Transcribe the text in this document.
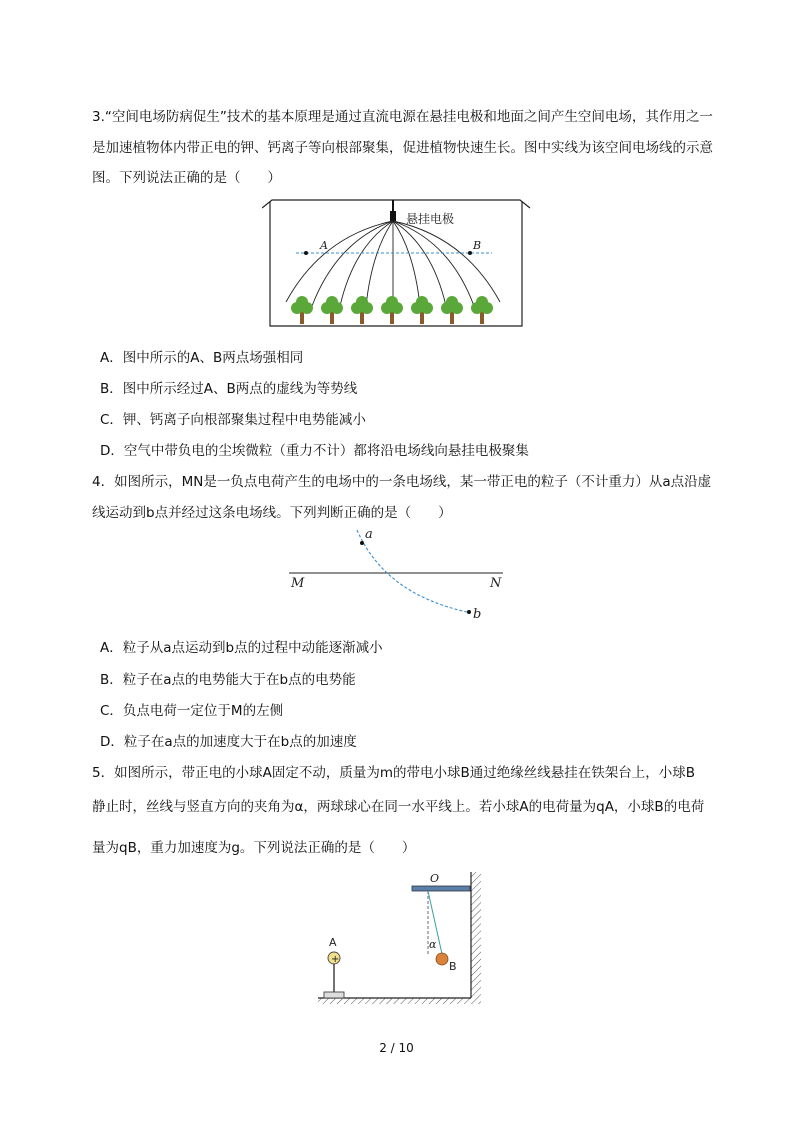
3.“空间电场防病促生”技术的基本原理是通过直流电源在悬挂电极和地面之间产生空间电场，其作用之一
是加速植物体内带正电的钾、钙离子等向根部聚集，促进植物快速生长。图中实线为该空间电场线的示意
图。下列说法正确的是（　　）
悬挂电极
A	B
A．图中所示的A、B两点场强相同
B．图中所示经过A、B两点的虚线为等势线
C．钾、钙离子向根部聚集过程中电势能减小
D．空气中带负电的尘埃微粒（重力不计）都将沿电场线向悬挂电极聚集
4．如图所示，MN是一负点电荷产生的电场中的一条电场线，某一带正电的粒子（不计重力）从a点沿虚
线运动到b点并经过这条电场线。下列判断正确的是（　　）
a
b
M	N
A．粒子从a点运动到b点的过程中动能逐渐减小
B．粒子在a点的电势能大于在b点的电势能
C．负点电荷一定位于M的左侧
D．粒子在a点的加速度大于在b点的加速度
5．如图所示，带正电的小球A固定不动，质量为m的带电小球B通过绝缘丝线悬挂在铁架台上，小球B
静止时，丝线与竖直方向的夹角为α，两球球心在同一水平线上。若小球A的电荷量为qA，小球B的电荷
量为qB，重力加速度为g。下列说法正确的是（　　）
O
α
B
A
+
2 / 10
